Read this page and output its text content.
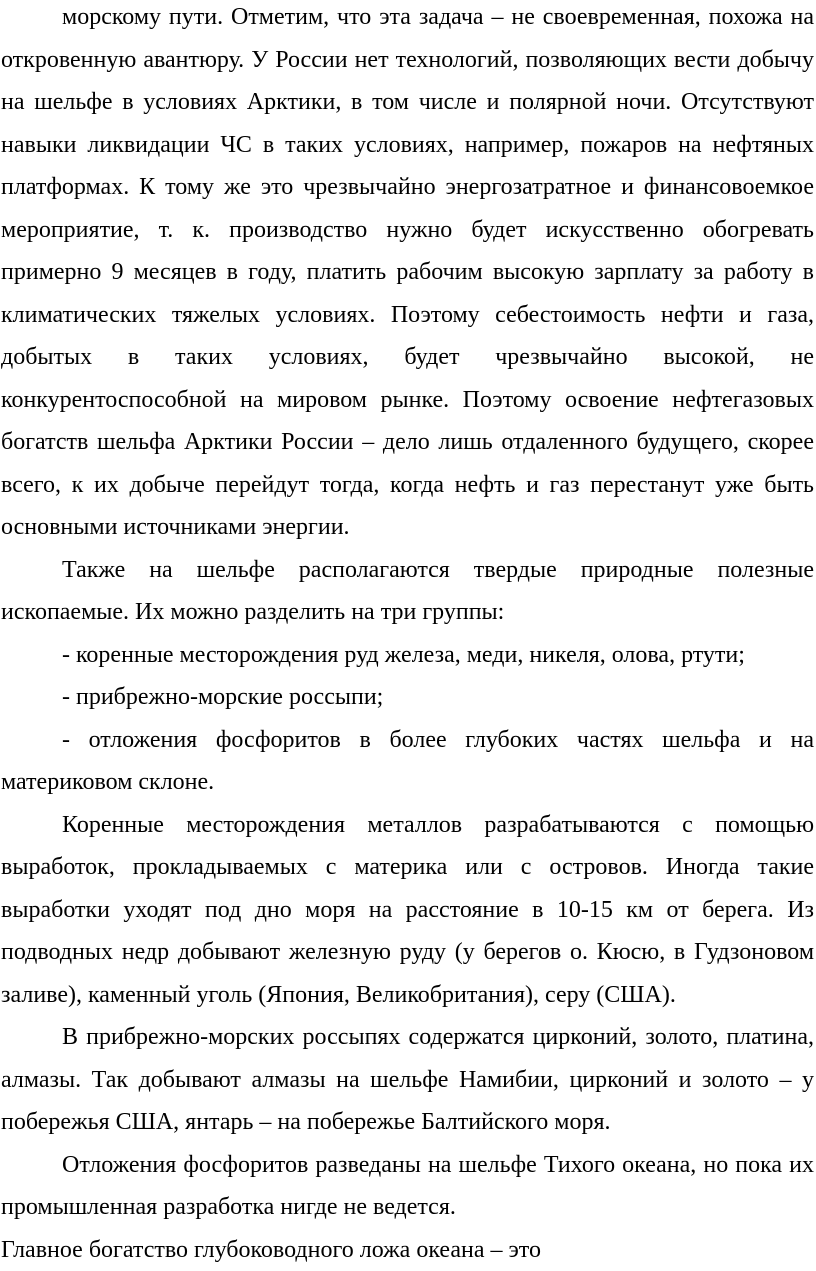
морскому пути. Отметим, что эта задача – не своевременная, похожа на откровенную авантюру. У России нет технологий, позволяющих вести добычу на шельфе в условиях Арктики, в том числе и полярной ночи. Отсутствуют навыки ликвидации ЧС в таких условиях, например, пожаров на нефтяных платформах. К тому же это чрезвычайно энергозатратное и финансовоемкое мероприятие, т. к. производство нужно будет искусственно обогревать примерно 9 месяцев в году, платить рабочим высокую зарплату за работу в климатических тяжелых условиях. Поэтому себестоимость нефти и газа, добытых в таких условиях, будет чрезвычайно высокой, не конкурентоспособной на мировом рынке. Поэтому освоение нефтегазовых богатств шельфа Арктики России – дело лишь отдаленного будущего, скорее всего, к их добыче перейдут тогда, когда нефть и газ перестанут уже быть основными источниками энергии.

Также на шельфе располагаются твердые природные полезные ископаемые. Их можно разделить на три группы:

- коренные месторождения руд железа, меди, никеля, олова, ртути;

- прибрежно-морские россыпи;

- отложения фосфоритов в более глубоких частях шельфа и на материковом склоне.

Коренные месторождения металлов разрабатываются с помощью выработок, прокладываемых с материка или с островов. Иногда такие выработки уходят под дно моря на расстояние в 10-15 км от берега. Из подводных недр добывают железную руду (у берегов о. Кюсю, в Гудзоновом заливе), каменный уголь (Япония, Великобритания), серу (США).

В прибрежно-морских россыпях содержатся цирконий, золото, платина, алмазы. Так добывают алмазы на шельфе Намибии, цирконий и золото – у побережья США, янтарь – на побережье Балтийского моря.

Отложения фосфоритов разведаны на шельфе Тихого океана, но пока их промышленная разработка нигде не ведется.

Главное богатство глубоководного ложа океана – это
